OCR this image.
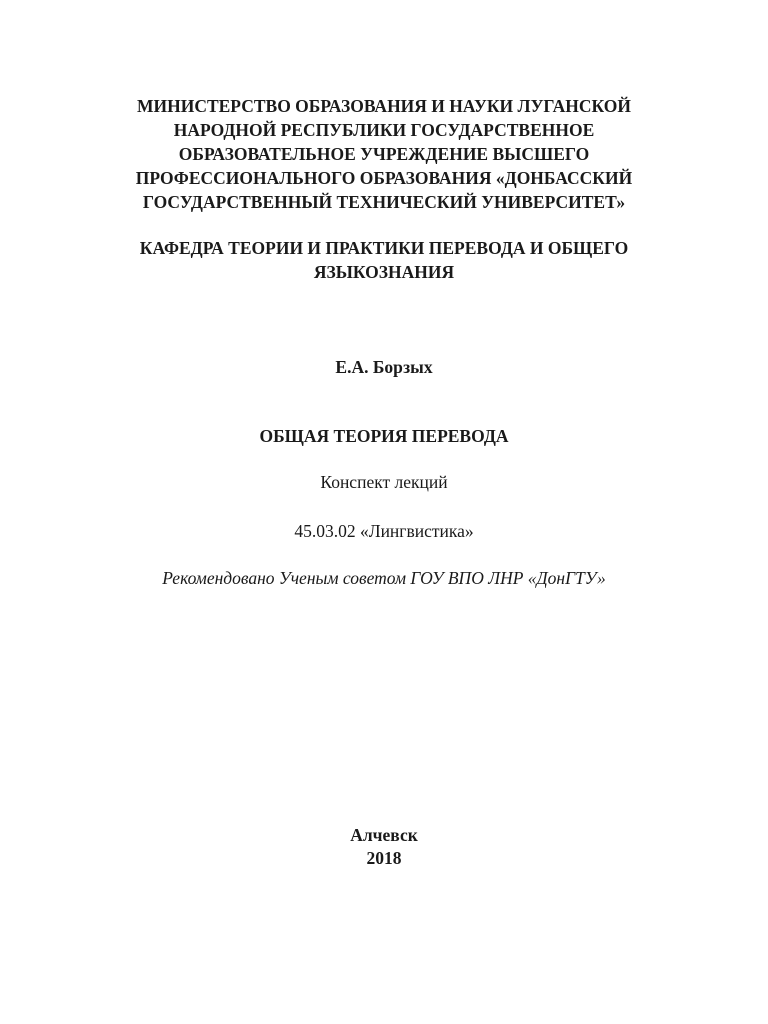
МИНИСТЕРСТВО ОБРАЗОВАНИЯ И НАУКИ ЛУГАНСКОЙ
НАРОДНОЙ РЕСПУБЛИКИ ГОСУДАРСТВЕННОЕ
ОБРАЗОВАТЕЛЬНОЕ УЧРЕЖДЕНИЕ ВЫСШЕГО
ПРОФЕССИОНАЛЬНОГО ОБРАЗОВАНИЯ «ДОНБАССКИЙ
ГОСУДАРСТВЕННЫЙ ТЕХНИЧЕСКИЙ УНИВЕРСИТЕТ»
КАФЕДРА ТЕОРИИ И ПРАКТИКИ ПЕРЕВОДА И ОБЩЕГО
ЯЗЫКОЗНАНИЯ
Е.А. Борзых
ОБЩАЯ ТЕОРИЯ ПЕРЕВОДА
Конспект лекций
45.03.02 «Лингвистика»
Рекомендовано Ученым советом ГОУ ВПО ЛНР «ДонГТУ»
Алчевск
2018
